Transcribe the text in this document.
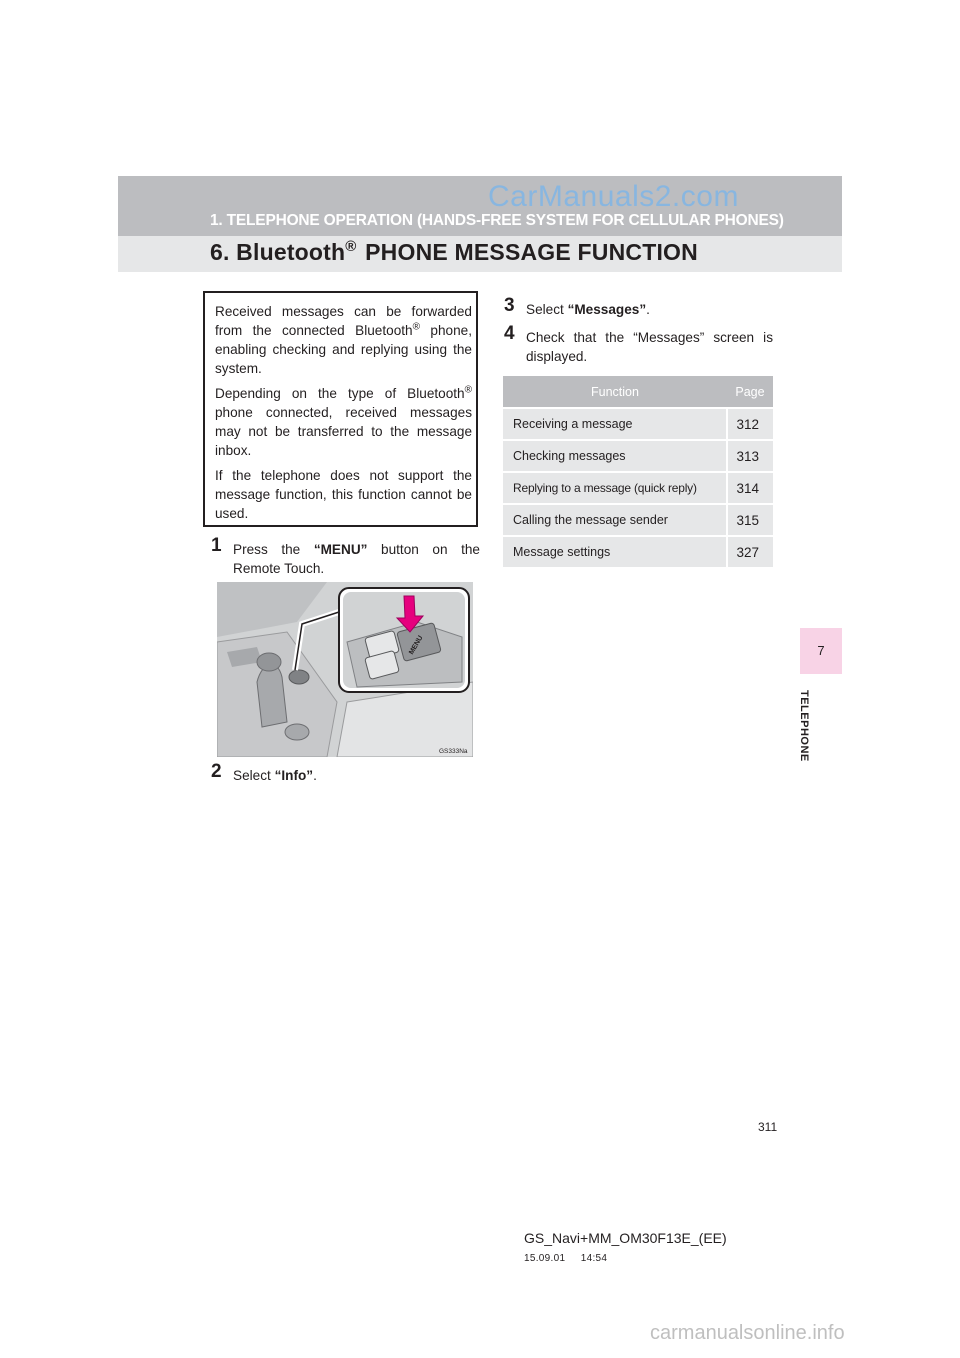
CarManuals2.com
1. TELEPHONE OPERATION (HANDS-FREE SYSTEM FOR CELLULAR PHONES)
6. Bluetooth® PHONE MESSAGE FUNCTION
7
TELEPHONE

Received messages can be forwarded from the connected Bluetooth® phone, enabling checking and replying using the system.

Depending on the type of Bluetooth® phone connected, received messages may not be transferred to the message inbox.

If the telephone does not support the message function, this function cannot be used.

1 Press the “MENU” button on the Remote Touch.
MENU
GS333Na
2 Select “Info”.
3 Select “Messages”.
4 Check that the “Messages” screen is displayed.
Function	Page
Receiving a message	312
Checking messages	313
Replying to a message (quick reply)	314
Calling the message sender	315
Message settings	327
311
GS_Navi+MM_OM30F13E_(EE)
15.09.01     14:54
carmanualsonline.info
